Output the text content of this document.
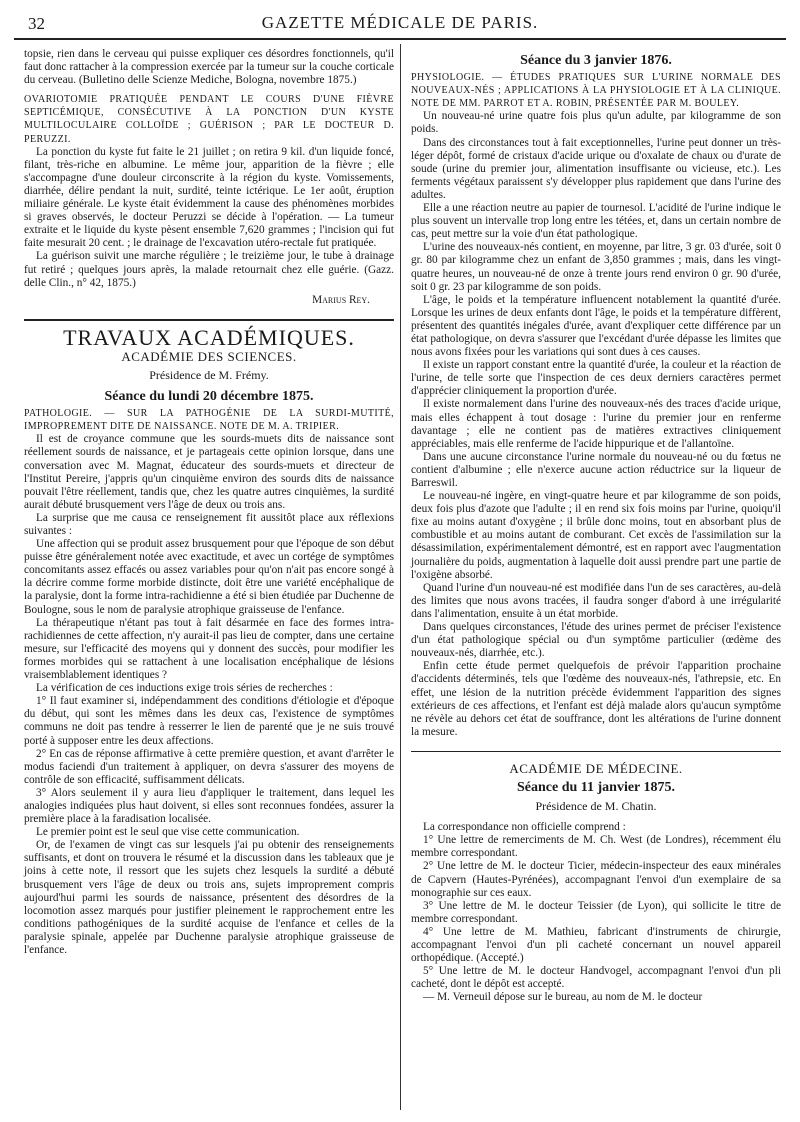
32	GAZETTE MÉDICALE DE PARIS.

topsie, rien dans le cerveau qui puisse expliquer ces désordres fonctionnels, qu'il faut donc rattacher à la compression exercée par la tumeur sur la couche corticale du cerveau. (Bulletino delle Scienze Mediche, Bologna, novembre 1875.)

OVARIOTOMIE PRATIQUÉE PENDANT LE COURS D'UNE FIÈVRE SEPTICÉMIQUE, CONSÉCUTIVE À LA PONCTION D'UN KYSTE MULTILOCULAIRE COLLOÏDE ; GUÉRISON ; PAR LE DOCTEUR D. PERUZZI.

La ponction du kyste fut faite le 21 juillet ; on retira 9 kil. d'un liquide foncé, filant, très-riche en albumine. Le même jour, apparition de la fièvre ; elle s'accompagne d'une douleur circonscrite à la région du kyste. Vomissements, diarrhée, délire pendant la nuit, surdité, teinte ictérique. Le 1er août, éruption miliaire générale. Le kyste était évidemment la cause des phénomènes morbides si graves observés, le docteur Peruzzi se décide à l'opération. — La tumeur extraite et le liquide du kyste pèsent ensemble 7,620 grammes ; l'incision qui fut faite mesurait 20 cent. ; le drainage de l'excavation utéro-rectale fut pratiquée.

La guérison suivit une marche régulière ; le treizième jour, le tube à drainage fut retiré ; quelques jours après, la malade retournait chez elle guérie. (Gazz. delle Clin., n° 42, 1875.)

Marius Rey.
TRAVAUX ACADÉMIQUES.

ACADÉMIE DES SCIENCES.

Présidence de M. Frémy.

Séance du lundi 20 décembre 1875.

PATHOLOGIE. — SUR LA PATHOGÉNIE DE LA SURDI-MUTITÉ, IMPROPREMENT DITE DE NAISSANCE. NOTE DE M. A. TRIPIER.

Il est de croyance commune que les sourds-muets dits de naissance sont réellement sourds de naissance, et je partageais cette opinion lorsque, dans une conversation avec M. Magnat, éducateur des sourds-muets et directeur de l'Institut Pereire, j'appris qu'un cinquième environ des sourds dits de naissance pouvait l'être réellement, tandis que, chez les quatre autres cinquièmes, la surdité aurait débuté brusquement vers l'âge de deux ou trois ans.

La surprise que me causa ce renseignement fit aussitôt place aux réflexions suivantes :

Une affection qui se produit assez brusquement pour que l'époque de son début puisse être généralement notée avec exactitude, et avec un cortége de symptômes concomitants assez effacés ou assez variables pour qu'on n'ait pas encore songé à la décrire comme forme morbide distincte, doit être une variété encéphalique de la paralysie, dont la forme intra-rachidienne a été si bien étudiée par Duchenne de Boulogne, sous le nom de paralysie atrophique graisseuse de l'enfance.

La thérapeutique n'étant pas tout à fait désarmée en face des formes intra-rachidiennes de cette affection, n'y aurait-il pas lieu de compter, dans une certaine mesure, sur l'efficacité des moyens qui y donnent des succès, pour modifier les formes morbides qui se rattachent à une localisation encéphalique de lésions vraisemblablement identiques ?

La vérification de ces inductions exige trois séries de recherches :

1° Il faut examiner si, indépendamment des conditions d'étiologie et d'époque du début, qui sont les mêmes dans les deux cas, l'existence de symptômes communs ne doit pas tendre à resserrer le lien de parenté que je ne suis trouvé porté à supposer entre les deux affections.

2° En cas de réponse affirmative à cette première question, et avant d'arrêter le modus faciendi d'un traitement à appliquer, on devra s'assurer des moyens de contrôle de son efficacité, suffisamment délicats.

3° Alors seulement il y aura lieu d'appliquer le traitement, dans lequel les analogies indiquées plus haut doivent, si elles sont reconnues fondées, assurer la première place à la faradisation localisée.

Le premier point est le seul que vise cette communication.

Or, de l'examen de vingt cas sur lesquels j'ai pu obtenir des renseignements suffisants, et dont on trouvera le résumé et la discussion dans les tableaux que je joins à cette note, il ressort que les sujets chez lesquels la surdité a débuté brusquement vers l'âge de deux ou trois ans, sujets improprement compris aujourd'hui parmi les sourds de naissance, présentent des désordres de la locomotion assez marqués pour justifier pleinement le rapprochement entre les conditions pathogéniques de la surdité acquise de l'enfance et celles de la paralysie spinale, appelée par Duchenne paralysie atrophique graisseuse de l'enfance.

Séance du 3 janvier 1876.

PHYSIOLOGIE. — ÉTUDES PRATIQUES SUR L'URINE NORMALE DES NOUVEAUX-NÉS ; APPLICATIONS À LA PHYSIOLOGIE ET À LA CLINIQUE. NOTE DE MM. PARROT ET A. ROBIN, PRÉSENTÉE PAR M. BOULEY.

Un nouveau-né urine quatre fois plus qu'un adulte, par kilogramme de son poids.

Dans des circonstances tout à fait exceptionnelles, l'urine peut donner un très-léger dépôt, formé de cristaux d'acide urique ou d'oxalate de chaux ou d'urate de soude (urine du premier jour, alimentation insuffisante ou vicieuse, etc.). Les ferments végétaux paraissent s'y développer plus rapidement que dans l'urine des adultes.

Elle a une réaction neutre au papier de tournesol. L'acidité de l'urine indique le plus souvent un intervalle trop long entre les tétées, et, dans un certain nombre de cas, peut mettre sur la voie d'un état pathologique.

L'urine des nouveaux-nés contient, en moyenne, par litre, 3 gr. 03 d'urée, soit 0 gr. 80 par kilogramme chez un enfant de 3,850 grammes ; mais, dans les vingt-quatre heures, un nouveau-né de onze à trente jours rend environ 0 gr. 90 d'urée, soit 0 gr. 23 par kilogramme de son poids.

L'âge, le poids et la température influencent notablement la quantité d'urée. Lorsque les urines de deux enfants dont l'âge, le poids et la température diffèrent, présentent des quantités inégales d'urée, avant d'expliquer cette différence par un état pathologique, on devra s'assurer que l'excédant d'urée dépasse les limites que nous avons fixées pour les variations qui sont dues à ces causes.

Il existe un rapport constant entre la quantité d'urée, la couleur et la réaction de l'urine, de telle sorte que l'inspection de ces deux derniers caractères permet d'apprécier cliniquement la proportion d'urée.

Il existe normalement dans l'urine des nouveaux-nés des traces d'acide urique, mais elles échappent à tout dosage : l'urine du premier jour en renferme davantage ; elle ne contient pas de matières extractives cliniquement appréciables, mais elle renferme de l'acide hippurique et de l'allantoïne.

Dans une aucune circonstance l'urine normale du nouveau-né ou du fœtus ne contient d'albumine ; elle n'exerce aucune action réductrice sur la liqueur de Barreswil.

Le nouveau-né ingère, en vingt-quatre heure et par kilogramme de son poids, deux fois plus d'azote que l'adulte ; il en rend six fois moins par l'urine, quoiqu'il fixe au moins autant d'oxygène ; il brûle donc moins, tout en absorbant plus de combustible et au moins autant de comburant. Cet excès de l'assimilation sur la désassimilation, expérimentalement démontré, est en rapport avec l'augmentation journalière du poids, augmentation à laquelle doit aussi prendre part une partie de l'oxigène absorbé.

Quand l'urine d'un nouveau-né est modifiée dans l'un de ses caractères, au-delà des limites que nous avons tracées, il faudra songer d'abord à une irrégularité dans l'alimentation, ensuite à un état morbide.

Dans quelques circonstances, l'étude des urines permet de préciser l'existence d'un état pathologique spécial ou d'un symptôme particulier (œdème des nouveaux-nés, diarrhée, etc.).

Enfin cette étude permet quelquefois de prévoir l'apparition prochaine d'accidents déterminés, tels que l'œdème des nouveaux-nés, l'athrepsie, etc. En effet, une lésion de la nutrition précède évidemment l'apparition des signes extérieurs de ces affections, et l'enfant est déjà malade alors qu'aucun symptôme ne révèle au dehors cet état de souffrance, dont les altérations de l'urine donnent la mesure.

ACADÉMIE DE MÉDECINE.

Séance du 11 janvier 1875.

Présidence de M. Chatin.

La correspondance non officielle comprend :

1° Une lettre de remerciments de M. Ch. West (de Londres), récemment élu membre correspondant.

2° Une lettre de M. le docteur Ticier, médecin-inspecteur des eaux minérales de Capvern (Hautes-Pyrénées), accompagnant l'envoi d'un exemplaire de sa monographie sur ces eaux.

3° Une lettre de M. le docteur Teissier (de Lyon), qui sollicite le titre de membre correspondant.

4° Une lettre de M. Mathieu, fabricant d'instruments de chirurgie, accompagnant l'envoi d'un pli cacheté concernant un nouvel appareil orthopédique. (Accepté.)

5° Une lettre de M. le docteur Handvogel, accompagnant l'envoi d'un pli cacheté, dont le dépôt est accepté.

— M. Verneuil dépose sur le bureau, au nom de M. le docteur
